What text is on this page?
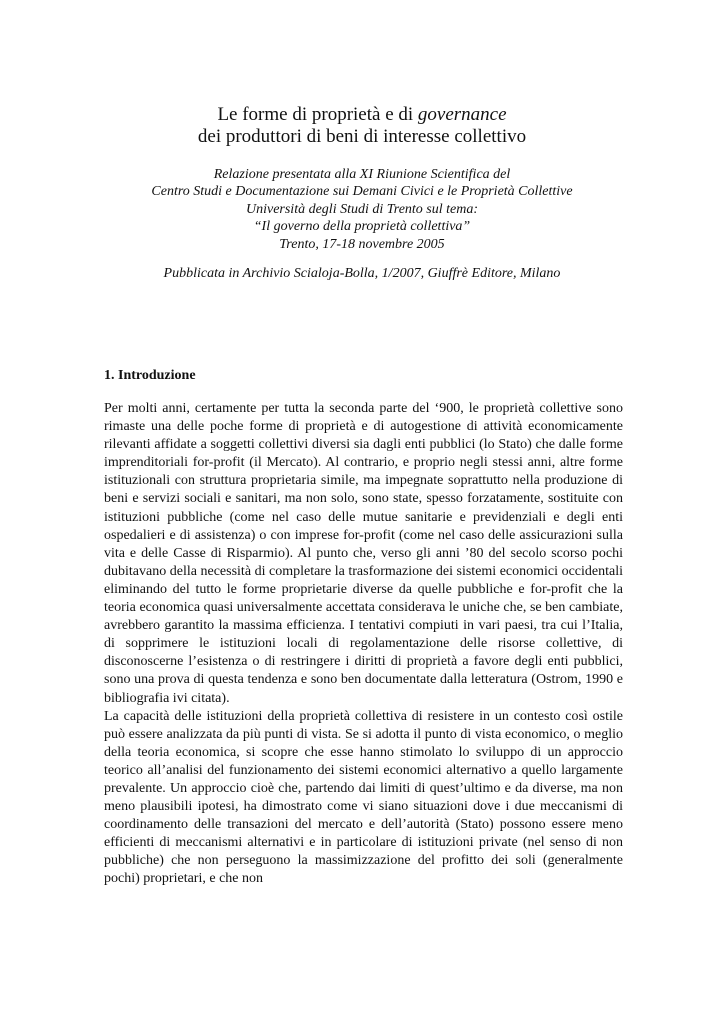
Le forme di proprietà e di governance
dei produttori di beni di interesse collettivo
Relazione presentata alla XI Riunione Scientifica del
Centro Studi e Documentazione sui Demani Civici e le Proprietà Collettive
Università degli Studi di Trento sul tema:
“Il governo della proprietà collettiva”
Trento, 17-18 novembre 2005
Pubblicata in Archivio Scialoja-Bolla, 1/2007, Giuffrè Editore, Milano
1. Introduzione

Per molti anni, certamente per tutta la seconda parte del ‘900, le proprietà collettive sono rimaste una delle poche forme di proprietà e di autogestione di attività economicamente rilevanti affidate a soggetti collettivi diversi sia dagli enti pubblici (lo Stato) che dalle forme imprenditoriali for-profit (il Mercato). Al contrario, e proprio negli stessi anni, altre forme istituzionali con struttura proprietaria simile, ma impegnate soprattutto nella produzione di beni e servizi sociali e sanitari, ma non solo, sono state, spesso forzatamente, sostituite con istituzioni pubbliche (come nel caso delle mutue sanitarie e previdenziali e degli enti ospedalieri e di assistenza) o con imprese for-profit (come nel caso delle assicurazioni sulla vita e delle Casse di Risparmio). Al punto che, verso gli anni ’80 del secolo scorso pochi dubitavano della necessità di completare la trasformazione dei sistemi economici occidentali eliminando del tutto le forme proprietarie diverse da quelle pubbliche e for-profit che la teoria economica quasi universalmente accettata considerava le uniche che, se ben cambiate, avrebbero garantito la massima efficienza. I tentativi compiuti in vari paesi, tra cui l’Italia, di sopprimere le istituzioni locali di regolamentazione delle risorse collettive, di disconoscerne l’esistenza o di restringere i diritti di proprietà a favore degli enti pubblici, sono una prova di questa tendenza e sono ben documentate dalla letteratura (Ostrom, 1990 e bibliografia ivi citata).

La capacità delle istituzioni della proprietà collettiva di resistere in un contesto così ostile può essere analizzata da più punti di vista. Se si adotta il punto di vista economico, o meglio della teoria economica, si scopre che esse hanno stimolato lo sviluppo di un approccio teorico all’analisi del funzionamento dei sistemi economici alternativo a quello largamente prevalente. Un approccio cioè che, partendo dai limiti di quest’ultimo e da diverse, ma non meno plausibili ipotesi, ha dimostrato come vi siano situazioni dove i due meccanismi di coordinamento delle transazioni del mercato e dell’autorità (Stato) possono essere meno efficienti di meccanismi alternativi e in particolare di istituzioni private (nel senso di non pubbliche) che non perseguono la massimizzazione del profitto dei soli (generalmente pochi) proprietari, e che non
